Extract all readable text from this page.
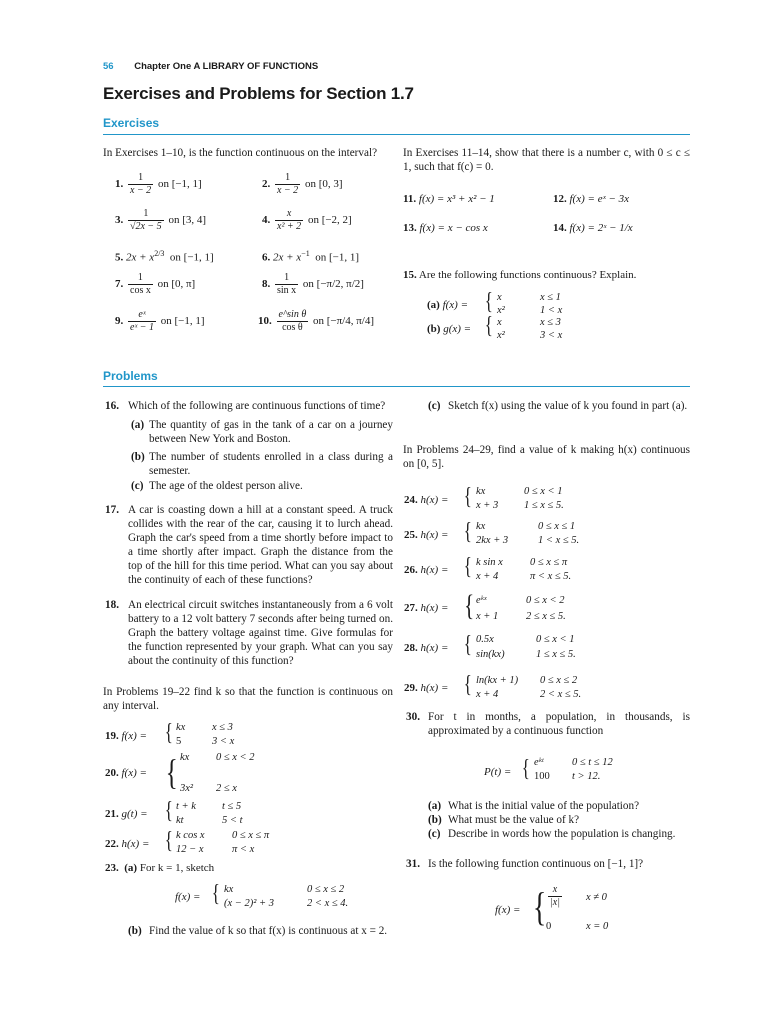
56 Chapter One A LIBRARY OF FUNCTIONS
Exercises and Problems for Section 1.7
Exercises
In Exercises 1–10, is the function continuous on the interval?
1. $\frac{1}{x - 2}$ on [−1, 1]	2. $\frac{1}{x - 2}$ on [0, 3]
3. $\frac{1}{√2x - 5}$ on [3, 4]	4. $\frac{x}{\text{x² + 2}}$ on [−2, 2]
5. $2x + x^{2/3}$ on [−1, 1]	6. $2x + x^{-1}$ on [−1, 1]
7. $\frac{1}{\text{cos x}}$ on [0, π]	8. $\frac{1}{\text{sin x}}$ on [−π/2, π/2]
9. $\frac{\text{eˣ}}{\text{eˣ − 1}}$ on [−1, 1]	10. $\frac{\text{e\textasciicircum{}sin θ}}{\text{cos θ}}$ on [−π/4, π/4]
In Exercises 11–14, show that there is a number c, with 0 ≤ c ≤ 1, such that f(c) = 0.
11. f(x) = x³ + x² − 1	12. f(x) = eˣ − 3x
13. f(x) = x − cos x	14. f(x) = 2ˣ − 1/x
15. Are the following functions continuous? Explain.
(a) f(x) = { x	x ≤ 1
x²	1 < x
(b) g(x) = { x	x ≤ 3
x²	3 < x
Problems
16. Which of the following are continuous functions of time?
(a) The quantity of gas in the tank of a car on a journey between New York and Boston.
(b) The number of students enrolled in a class during a semester.
(c) The age of the oldest person alive.
17. A car is coasting down a hill at a constant speed. A truck collides with the rear of the car, causing it to lurch ahead. Graph the car's speed from a time shortly before impact to a time shortly after impact. Graph the distance from the top of the hill for this time period. What can you say about the continuity of each of these functions?
18. An electrical circuit switches instantaneously from a 6 volt battery to a 12 volt battery 7 seconds after being turned on. Graph the battery voltage against time. Give formulas for the function represented by your graph. What can you say about the continuity of this function?
In Problems 19–22 find k so that the function is continuous on any interval.
19. f(x) = { kx	x ≤ 3
5	3 < x
20. f(x) = { kx	0 ≤ x < 2
3x² 2 ≤ x
21. g(t) = { t + k t ≤ 5
kt	5 < t
22. h(x) = { k cos x	0 ≤ x ≤ π
12 − x	π < x
23. (a) For k = 1, sketch
f(x) = { kx	0 ≤ x ≤ 2
(x − 2)² + 3	2 < x ≤ 4.
(b) Find the value of k so that f(x) is continuous at x = 2.
(c) Sketch f(x) using the value of k you found in part (a).
In Problems 24–29, find a value of k making h(x) continuous on [0, 5].
24. h(x) = { kx	0 ≤ x < 1
x + 3 1 ≤ x ≤ 5.
25. h(x) = { kx	0 ≤ x ≤ 1
2kx + 3	1 < x ≤ 5.
26. h(x) = { k sin x	0 ≤ x ≤ π
x + 4	π < x ≤ 5.
27. h(x) = { eᵏˣ	0 ≤ x < 2
x + 1	2 ≤ x ≤ 5.
28. h(x) = { 0.5x	0 ≤ x < 1
sin(kx)	1 ≤ x ≤ 5.
29. h(x) = { ln(kx + 1) 0 ≤ x ≤ 2
x + 4	2 < x ≤ 5.
30. For t in months, a population, in thousands, is approximated by a continuous function
P(t) = { eᵏᵗ	0 ≤ t ≤ 12
100 t > 12.
(a) What is the initial value of the population?
(b) What must be the value of k?
(c) Describe in words how the population is changing.
31. Is the following function continuous on [−1, 1]?
f(x) = { $\frac{x}{|x|}$ x ≠ 0
0	x = 0
